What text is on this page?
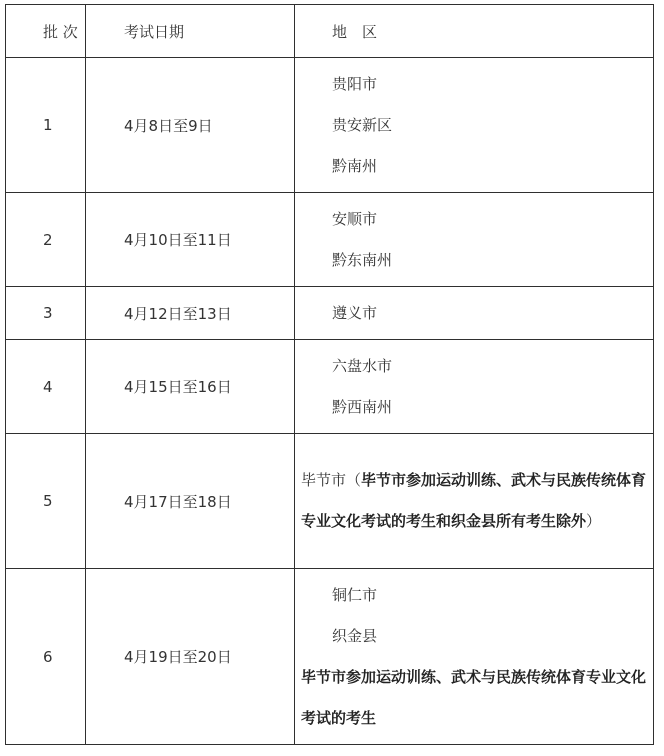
批 次	考试日期	地　区
1	4月8日至9日	贵阳市
贵安新区
黔南州

2	4月10日至11日	安顺市
黔东南州

3	4月12日至13日	遵义市

4	4月15日至16日	六盘水市
黔西南州

5	4月17日至18日	毕节市（毕节市参加运动训练、武术与民族传统体育专业文化考试的考生和织金县所有考生除外）

6	4月19日至20日	铜仁市
织金县
毕节市参加运动训练、武术与民族传统体育专业文化考试的考生
